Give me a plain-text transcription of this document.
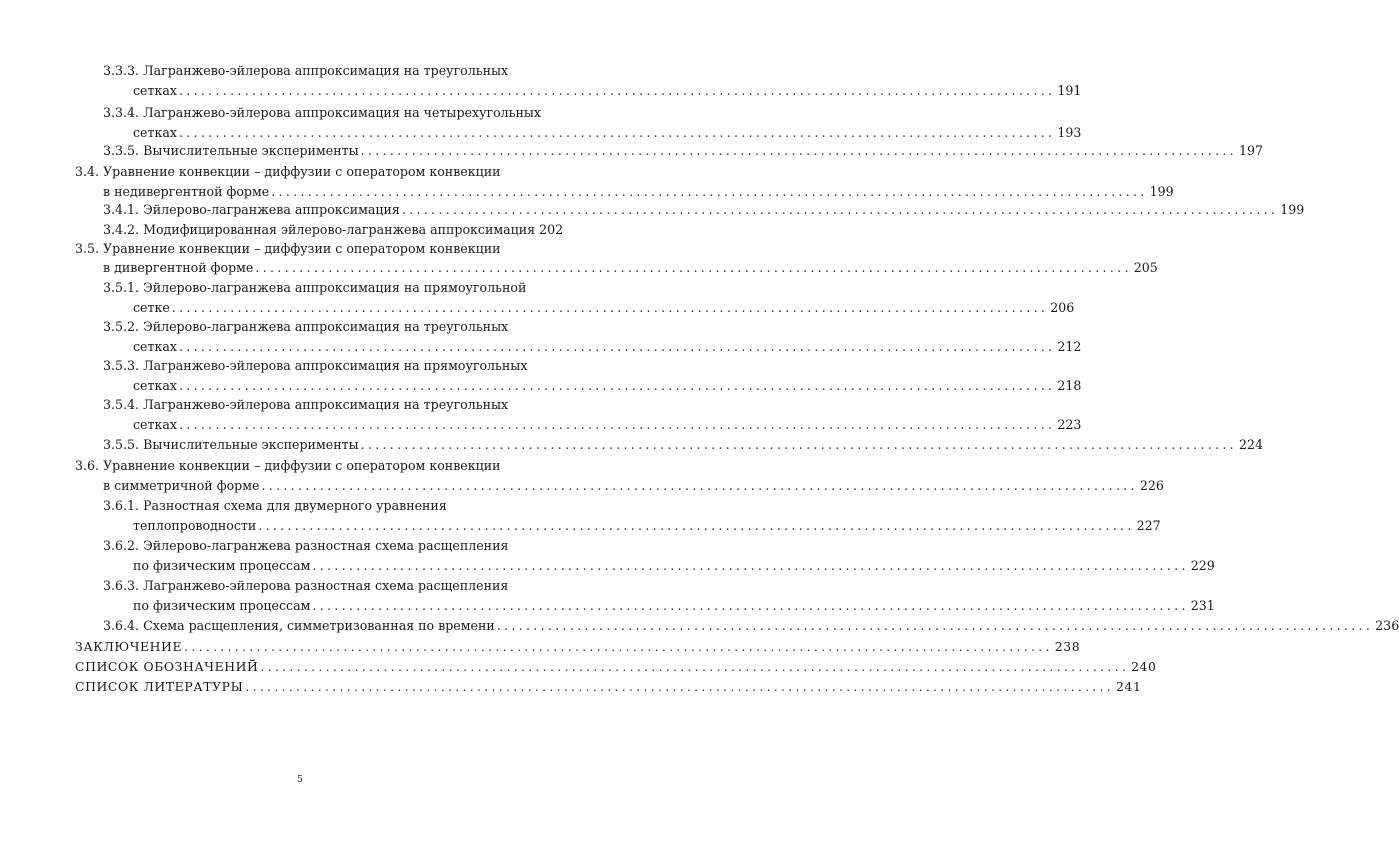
3.3.3. Лагранжево-эйлерова аппроксимация на треугольных
сетках ........................................................................................................................ 191
3.3.4. Лагранжево-эйлерова аппроксимация на четырехугольных
сетках ........................................................................................................................ 193
3.3.5. Вычислительные эксперименты ........................................................................................................................ 197
3.4. Уравнение конвекции – диффузии с оператором конвекции
в недивергентной форме ........................................................................................................................ 199
3.4.1. Эйлерово-лагранжева аппроксимация ........................................................................................................................ 199
3.4.2. Модифицированная эйлерово-лагранжева аппроксимация 202
3.5. Уравнение конвекции – диффузии с оператором конвекции
в дивергентной форме ........................................................................................................................ 205
3.5.1. Эйлерово-лагранжева аппроксимация на прямоугольной
сетке ........................................................................................................................ 206
3.5.2. Эйлерово-лагранжева аппроксимация на треугольных
сетках ........................................................................................................................ 212
3.5.3. Лагранжево-эйлерова аппроксимация на прямоугольных
сетках ........................................................................................................................ 218
3.5.4. Лагранжево-эйлерова аппроксимация на треугольных
сетках ........................................................................................................................ 223
3.5.5. Вычислительные эксперименты ........................................................................................................................ 224
3.6. Уравнение конвекции – диффузии с оператором конвекции
в симметричной форме ........................................................................................................................ 226
3.6.1. Разностная схема для двумерного уравнения
теплопроводности ........................................................................................................................ 227
3.6.2. Эйлерово-лагранжева разностная схема расщепления
по физическим процессам ........................................................................................................................ 229
3.6.3. Лагранжево-эйлерова разностная схема расщепления
по физическим процессам ........................................................................................................................ 231
3.6.4. Схема расщепления, симметризованная по времени ........................................................................................................................ 236
ЗАКЛЮЧЕНИЕ ........................................................................................................................ 238
СПИСОК ОБОЗНАЧЕНИЙ ........................................................................................................................ 240
СПИСОК ЛИТЕРАТУРЫ ........................................................................................................................ 241
5
